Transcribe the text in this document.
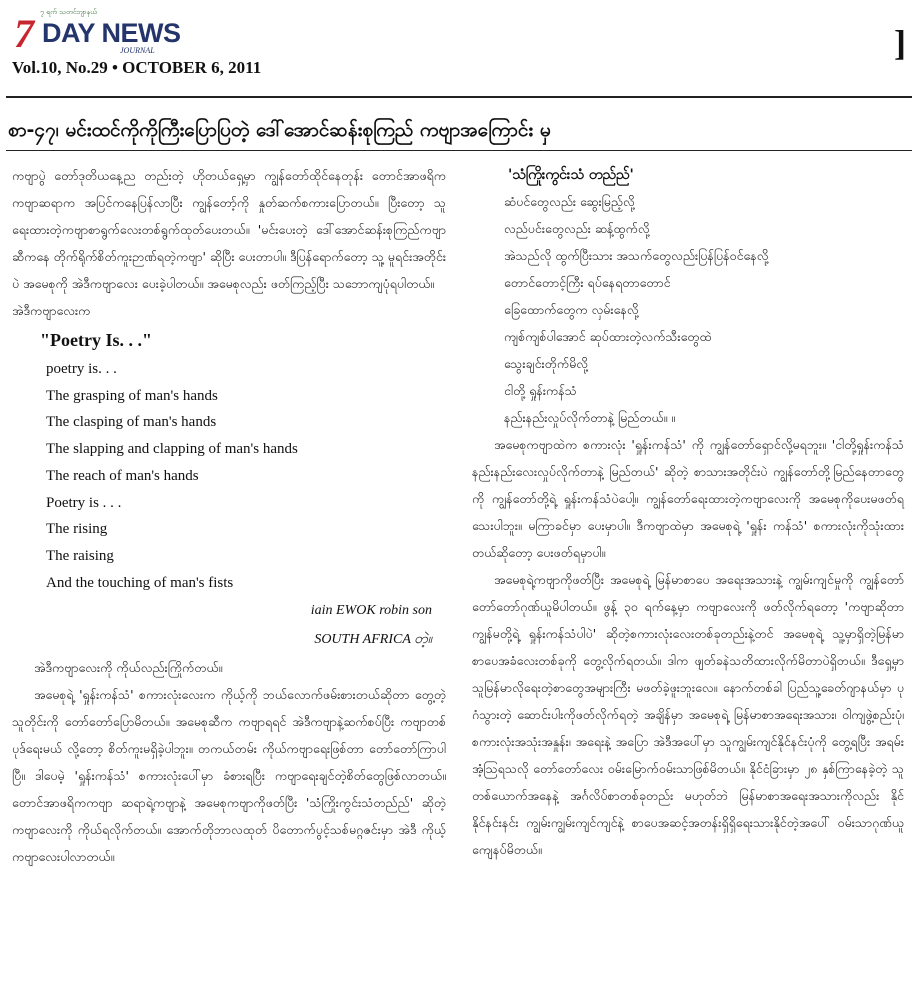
၇ ရက် သတင်းဂျာနယ်
7 DAY NEWS
JOURNAL
Vol.10, No.29 • OCTOBER 6, 2011
]
စာ-၄၇၊ မင်းထင်ကိုကိုကြီးပြောပြတဲ့ ဒေါ်အောင်ဆန်းစုကြည် ကဗျာအကြောင်း မှ

ကဗျာပွဲ တော်ဒုတိယနေ့ည တည်းတဲ့ ဟိုတယ်ရှေ့မှာ ကျွန်တော်ထိုင်နေတုန်း တောင်အာဖရိကကဗျာဆရာက အပြင်ကနေပြန်လာပြီး ကျွန်တော့်ကို နှုတ်ဆက်စကားပြောတယ်။ ပြီးတော့ သူရေးထားတဲ့ကဗျာစာရွက်လေးတစ်ရွက်ထုတ်ပေးတယ်။ 'မင်းပေးတဲ့ ဒေါ်အောင်ဆန်းစုကြည်ကဗျာဆီကနေ တိုက်ရိုက်စိတ်ကူးဉာဏ်ရတဲ့ကဗျာ' ဆိုပြီး ပေးတာပါ။ ဒီပြန်ရောက်တော့ သူ့ မူရင်းအတိုင်းပဲ အမေစုကို အဲဒီကဗျာလေး ပေးခဲ့ပါတယ်။ အမေစုလည်း ဖတ်ကြည့်ပြီး သဘောကျပုံရပါတယ်။

အဲဒီကဗျာလေးက

"Poetry Is. . ."

poetry is. . .

The grasping of man's hands

The clasping of man's hands

The slapping and clapping of man's hands

The reach of man's hands

Poetry is . . .

The rising

The raising

And the touching of man's fists

iain EWOK robin son

SOUTH AFRICA တဲ့။

အဲဒီကဗျာလေးကို ကိုယ်လည်းကြိုက်တယ်။

အမေစုရဲ့ 'ရှုန်းကန်သံ' စကားလုံးလေးက ကိုယ့်ကို ဘယ်လောက်ဖမ်းစားတယ်ဆိုတာ တွေ့တဲ့သူတိုင်းကို တော်တော်ပြောမိတယ်။ အမေစုဆီက ကဗျာရရင် အဲဒီကဗျာနဲ့ဆက်စပ်ပြီး ကဗျာတစ်ပုဒ်ရေးမယ် လို့တော့ စိတ်ကူးမရှိခဲ့ပါဘူး။ တကယ်တမ်း ကိုယ်ကဗျာရေးဖြစ်တာ တော်တော်ကြာပါပြီ။ ဒါပေမဲ့ 'ရှုန်းကန်သံ' စကားလုံးပေါ်မှာ ခံစားရပြီး ကဗျာရေးချင်တဲ့စိတ်တွေဖြစ်လာတယ်။ တောင်အာဖရိကကဗျာ ဆရာရဲ့ကဗျာနဲ့ အမေစုကဗျာကိုဖတ်ပြီး 'သံကြိုးကွင်းသံတည်ည်' ဆိုတဲ့ ကဗျာလေးကို ကိုယ်ရလိုက်တယ်။ အောက်တိုဘာလထုတ် ပိတောက်ပွင့်သစ်မဂ္ဂဇင်းမှာ အဲဒီ ကိုယ့်ကဗျာလေးပါလာတယ်။

'သံကြိုးကွင်းသံ တည်ည်'

ဆံပင်တွေလည်း ဆွေးမြည့်လို့

လည်ပင်းတွေလည်း ဆန့်ထွက်လို့

အဲသည်လို ထွက်ပြီးသား အသက်တွေလည်းပြန်ပြန်ဝင်နေလို့

တောင်တောင့်ကြီး ရပ်နေရတာတောင်

ခြေထောက်တွေက လှမ်းနေလို့

ကျစ်ကျစ်ပါအောင် ဆုပ်ထားတဲ့လက်သီးတွေထဲ

သွေးချင်းတိုက်မိလို့

ငါတို့ ရှုန်းကန်သံ

နည်းနည်းလှုပ်လိုက်တာနဲ့ မြည်တယ်။ ။

အမေစုကဗျာထဲက စကားလုံး 'ရှုန်းကန်သံ' ကို ကျွန်တော်ရှောင်လို့မရဘူး။ 'ငါတို့ရှုန်းကန်သံ နည်းနည်းလေးလှုပ်လိုက်တာနဲ့ မြည်တယ်' ဆိုတဲ့ စာသားအတိုင်းပဲ ကျွန်တော်တို့မြည်နေတာတွေကို ကျွန်တော်တို့ရဲ့ ရှုန်းကန်သံပဲပေါ့။ ကျွန်တော်ရေးထားတဲ့ကဗျာလေးကို အမေစုကိုပေးမဖတ်ရသေးပါဘူး။ မကြာခင်မှာ ပေးမှာပါ။ ဒီကဗျာထဲမှာ အမေစုရဲ့ 'ရှုန်း ကန်သံ' စကားလုံးကိုသုံးထားတယ်ဆိုတော့ ပေးဖတ်ရမှာပါ။

အမေစုရဲ့ကဗျာကိုဖတ်ပြီး အမေစုရဲ့ မြန်မာစာပေ အရေးအသားနဲ့ ကျွမ်းကျင်မှုကို ကျွန်တော်တော်တော်ဂုဏ်ယူမိပါတယ်။ ဖွန့် ၃၀ ရက်နေ့မှာ ကဗျာလေးကို ဖတ်လိုက်ရတော့ 'ကဗျာဆိုတာ ကျွန်မတို့ရဲ့ ရှုန်းကန်သံပါပဲ' ဆိုတဲ့စကားလုံးလေးတစ်ခုတည်းနဲ့တင် အမေစုရဲ့ သူ့မှာရှိတဲ့မြန်မာစာပေအခံလေးတစ်ခုကို တွေ့လိုက်ရတယ်။ ဒါက ဖျတ်ခနဲသတိထားလိုက်မိတာပဲရှိတယ်။ ဒီရှေ့မှာ သူမြန်မာလိုရေးတဲ့စာတွေအများကြီး မဖတ်ခဲ့ဖူးဘူးလေ။ နောက်တစ်ခါ ပြည်သူ့ခေတ်ဂျာနယ်မှာ ပုဂံသွားတဲ့ ဆောင်းပါးကိုဖတ်လိုက်ရတဲ့ အချိန်မှာ အမေစုရဲ့ မြန်မာစာအရေးအသား၊ ဝါကျဖွဲ့စည်းပုံ၊ စကားလုံးအသုံးအနှုန်း၊ အရေးနဲ့ အပြော အဲဒီအပေါ်မှာ သူကျွမ်းကျင်နိုင်နင်းပုံကို တွေ့ရပြီး အရမ်းအံ့သြရသလို တော်တော်လေး ဝမ်းမြောက်ဝမ်းသာဖြစ်မိတယ်။ နိုင်ငံခြားမှာ ၂၈ နှစ်ကြာနေခဲ့တဲ့ သူတစ်ယောက်အနေနဲ့ အင်္ဂလိပ်စာတစ်ခုတည်း မဟုတ်ဘဲ မြန်မာစာအရေးအသားကိုလည်း နိုင်နိုင်နင်းနင်း ကျွမ်းကျွမ်းကျင်ကျင်နဲ့ စာပေအဆင့်အတန်းရှိရှိရေးသားနိုင်တဲ့အပေါ် ဝမ်းသာဂုဏ်ယူကျေနပ်မိတယ်။
